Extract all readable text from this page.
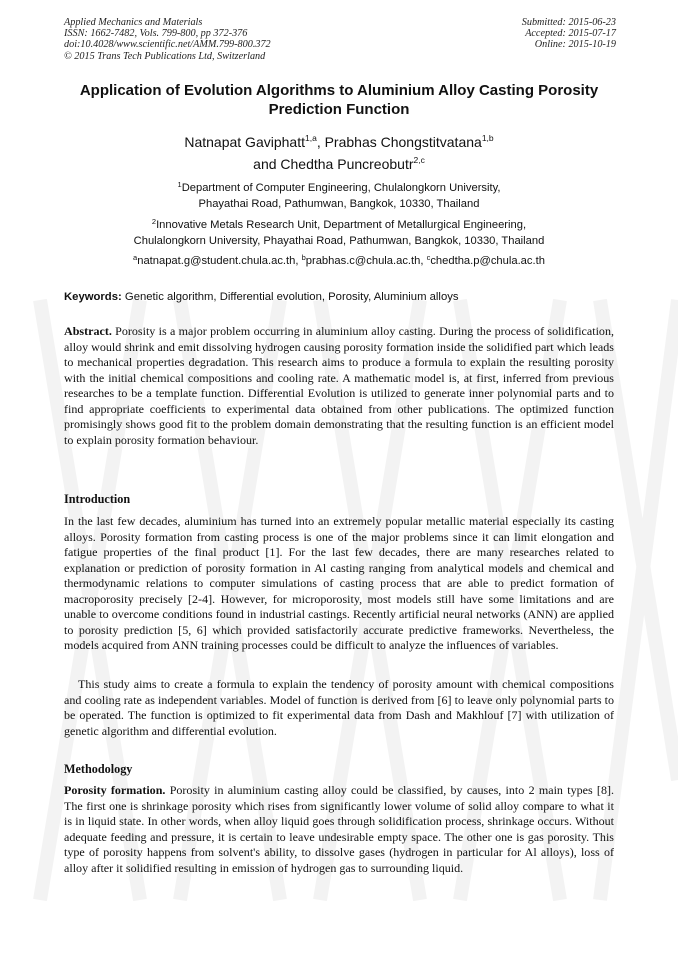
Applied Mechanics and Materials
ISSN: 1662-7482, Vols. 799-800, pp 372-376
doi:10.4028/www.scientific.net/AMM.799-800.372
© 2015 Trans Tech Publications Ltd, Switzerland
Submitted: 2015-06-23
Accepted: 2015-07-17
Online: 2015-10-19
Application of Evolution Algorithms to Aluminium Alloy Casting Porosity Prediction Function
Natnapat Gaviphatt$^{1,a}$, Prabhas Chongstitvatana$^{1,b}$
and Chedtha Puncreobutr$^{2,c}$
$^1$Department of Computer Engineering, Chulalongkorn University,
Phayathai Road, Pathumwan, Bangkok, 10330, Thailand
$^2$Innovative Metals Research Unit, Department of Metallurgical Engineering,
Chulalongkorn University, Phayathai Road, Pathumwan, Bangkok, 10330, Thailand
$^a$natnapat.g@student.chula.ac.th, $^b$prabhas.c@chula.ac.th, $^c$chedtha.p@chula.ac.th
Keywords: Genetic algorithm, Differential evolution, Porosity, Aluminium alloys
Abstract. Porosity is a major problem occurring in aluminium alloy casting. During the process of solidification, alloy would shrink and emit dissolving hydrogen causing porosity formation inside the solidified part which leads to mechanical properties degradation. This research aims to produce a formula to explain the resulting porosity with the initial chemical compositions and cooling rate. A mathematic model is, at first, inferred from previous researches to be a template function. Differential Evolution is utilized to generate inner polynomial parts and to find appropriate coefficients to experimental data obtained from other publications. The optimized function promisingly shows good fit to the problem domain demonstrating that the resulting function is an efficient model to explain porosity formation behaviour.
Introduction
In the last few decades, aluminium has turned into an extremely popular metallic material especially its casting alloys. Porosity formation from casting process is one of the major problems since it can limit elongation and fatigue properties of the final product [1]. For the last few decades, there are many researches related to explanation or prediction of porosity formation in Al casting ranging from analytical models and chemical and thermodynamic relations to computer simulations of casting process that are able to predict formation of macroporosity precisely [2-4]. However, for microporosity, most models still have some limitations and are unable to overcome conditions found in industrial castings. Recently artificial neural networks (ANN) are applied to porosity prediction [5, 6] which provided satisfactorily accurate predictive frameworks. Nevertheless, the models acquired from ANN training processes could be difficult to analyze the influences of variables.
This study aims to create a formula to explain the tendency of porosity amount with chemical compositions and cooling rate as independent variables. Model of function is derived from [6] to leave only polynomial parts to be operated. The function is optimized to fit experimental data from Dash and Makhlouf [7] with utilization of genetic algorithm and differential evolution.
Methodology
Porosity formation. Porosity in aluminium casting alloy could be classified, by causes, into 2 main types [8]. The first one is shrinkage porosity which rises from significantly lower volume of solid alloy compare to what it is in liquid state. In other words, when alloy liquid goes through solidification process, shrinkage occurs. Without adequate feeding and pressure, it is certain to leave undesirable empty space. The other one is gas porosity. This type of porosity happens from solvent's ability, to dissolve gases (hydrogen in particular for Al alloys), loss of alloy after it solidified resulting in emission of hydrogen gas to surrounding liquid.
